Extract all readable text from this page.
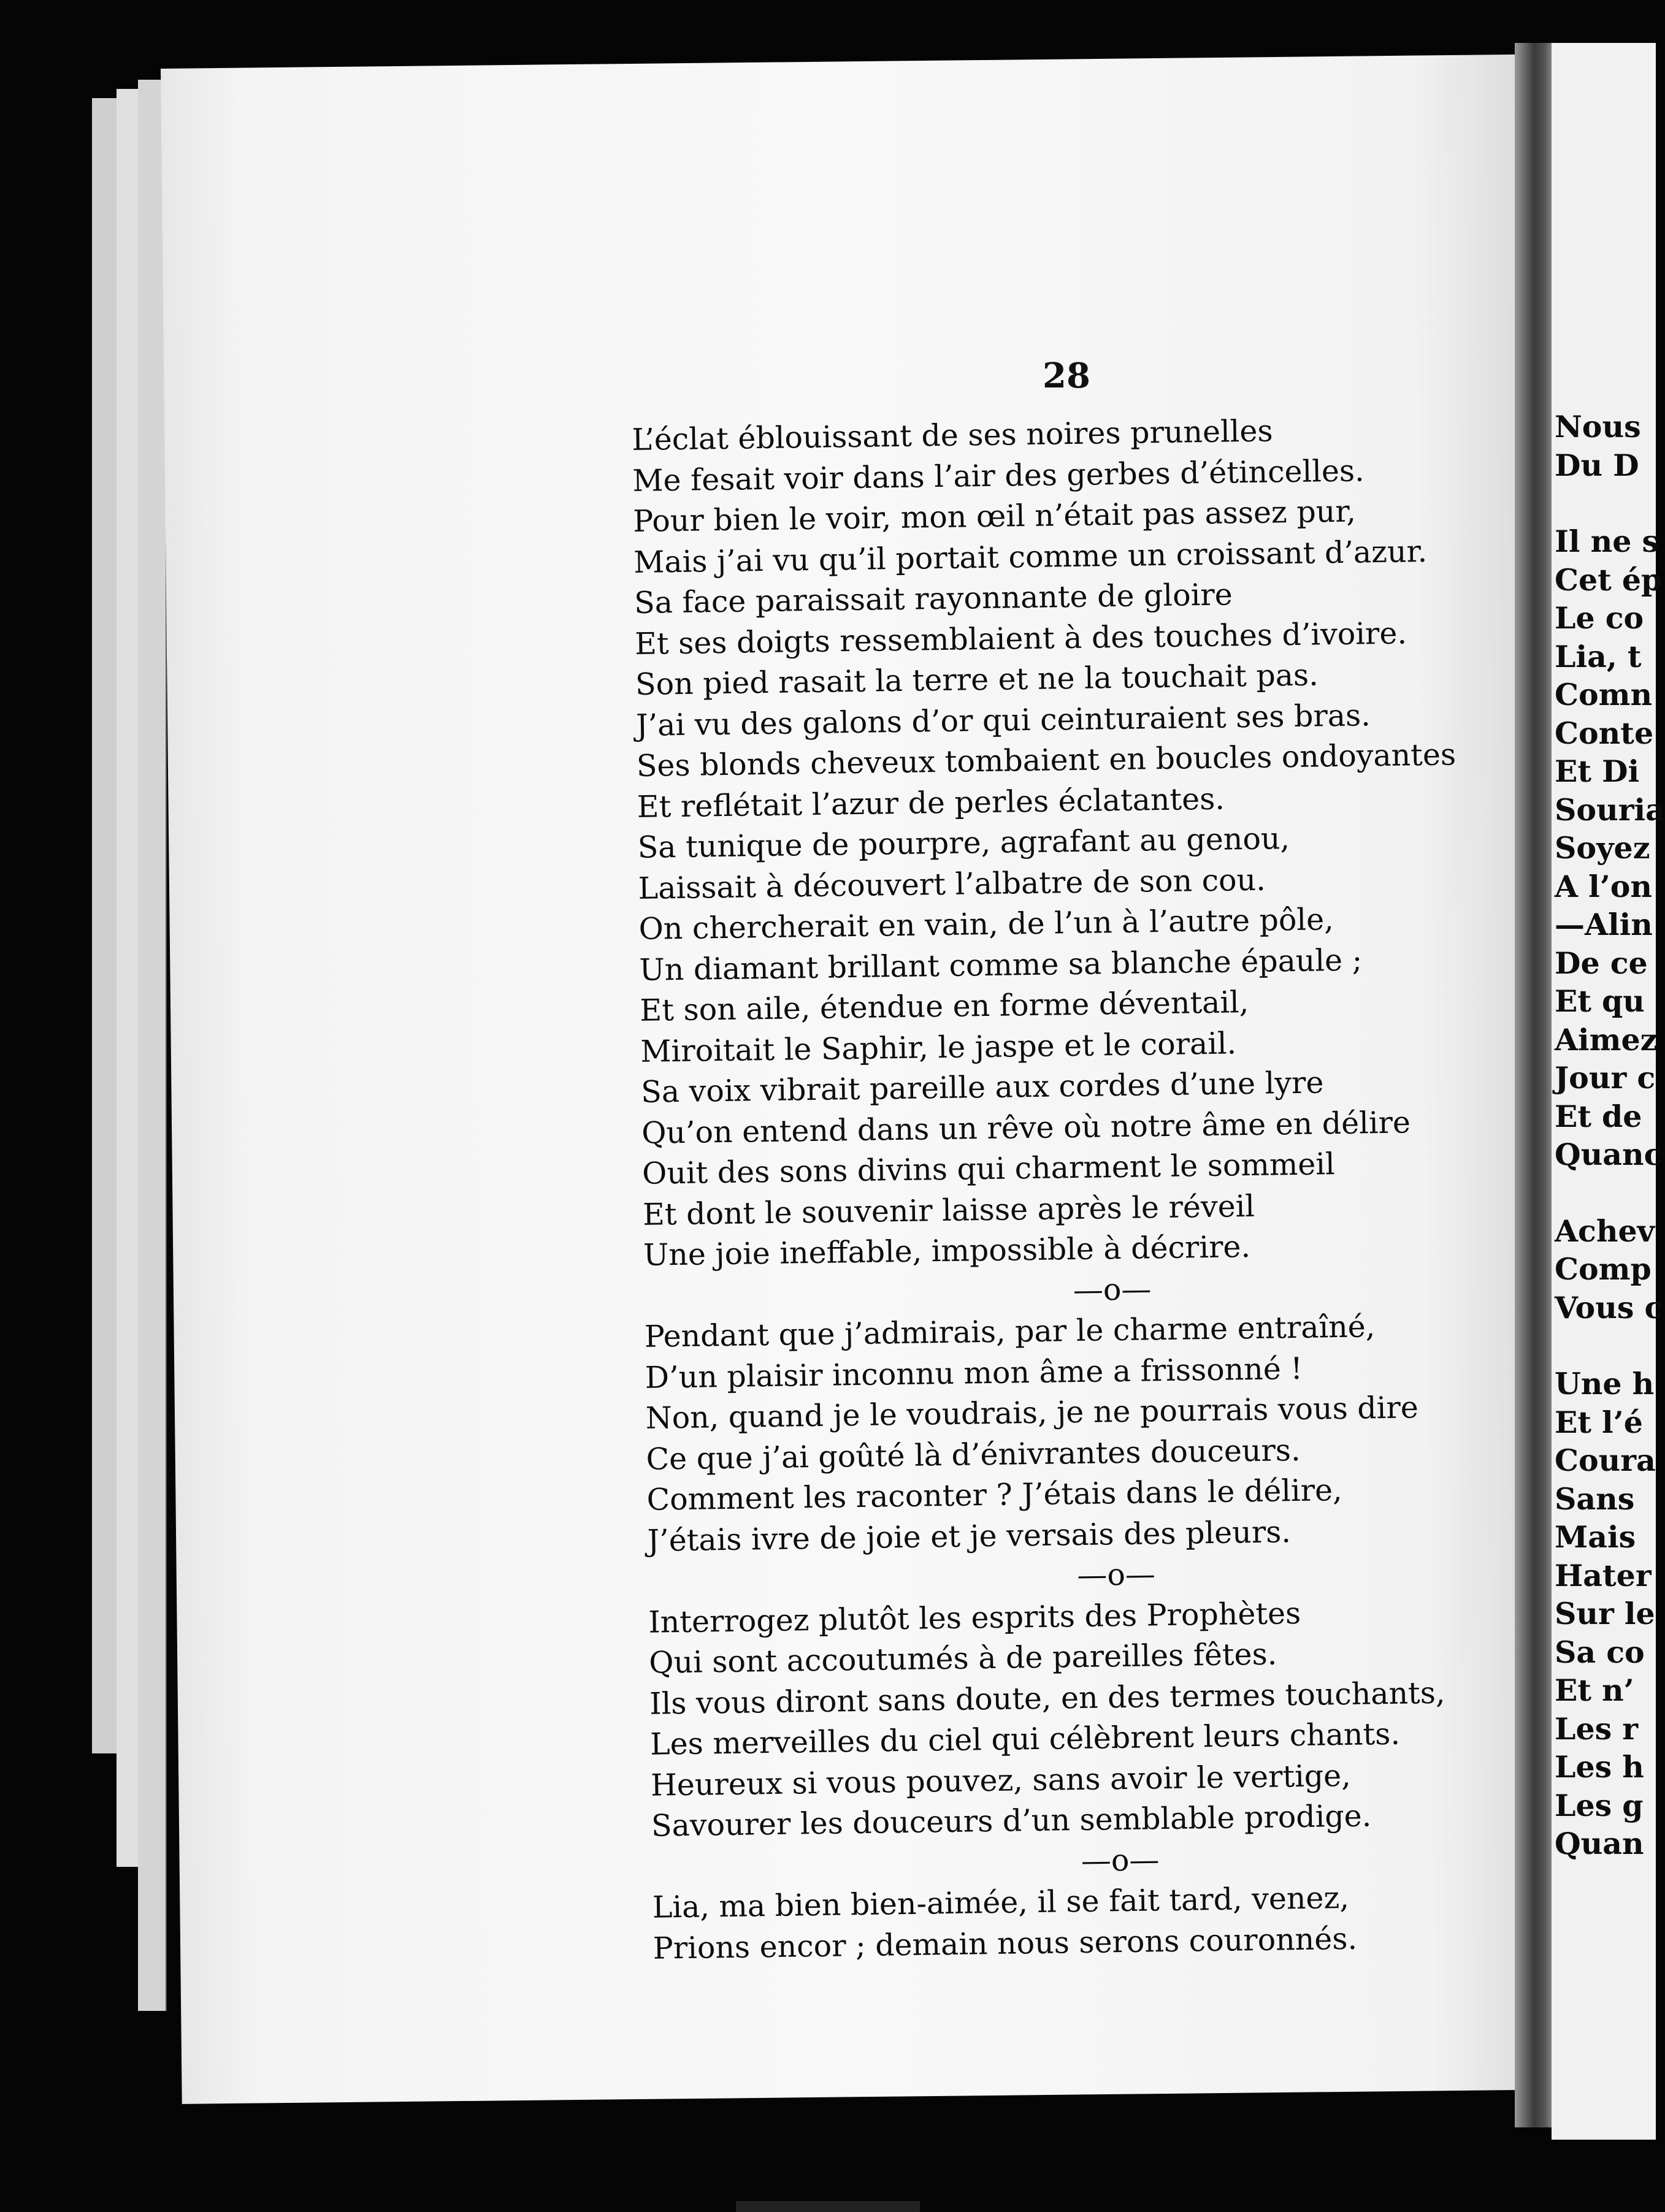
28
L’éclat éblouissant de ses noires prunelles
Me fesait voir dans l’air des gerbes d’étincelles.
Pour bien le voir, mon œil n’était pas assez pur,
Mais j’ai vu qu’il portait comme un croissant d’azur.
Sa face paraissait rayonnante de gloire
Et ses doigts ressemblaient à des touches d’ivoire.
Son pied rasait la terre et ne la touchait pas.
J’ai vu des galons d’or qui ceinturaient ses bras.
Ses blonds cheveux tombaient en boucles ondoyantes
Et reflétait l’azur de perles éclatantes.
Sa tunique de pourpre, agrafant au genou,
Laissait à découvert l’albatre de son cou.
On chercherait en vain, de l’un à l’autre pôle,
Un diamant brillant comme sa blanche épaule ;
Et son aile, étendue en forme déventail,
Miroitait le Saphir, le jaspe et le corail.
Sa voix vibrait pareille aux cordes d’une lyre
Qu’on entend dans un rêve où notre âme en délire
Ouit des sons divins qui charment le sommeil
Et dont le souvenir laisse après le réveil
Une joie ineffable, impossible à décrire.
—o—
Pendant que j’admirais, par le charme entraîné,
D’un plaisir inconnu mon âme a frissonné !
Non, quand je le voudrais, je ne pourrais vous dire
Ce que j’ai goûté là d’énivrantes douceurs.
Comment les raconter ? J’étais dans le délire,
J’étais ivre de joie et je versais des pleurs.
—o—
Interrogez plutôt les esprits des Prophètes
Qui sont accoutumés à de pareilles fêtes.
Ils vous diront sans doute, en des termes touchants,
Les merveilles du ciel qui célèbrent leurs chants.
Heureux si vous pouvez, sans avoir le vertige,
Savourer les douceurs d’un semblable prodige.
—o—
Lia, ma bien bien-aimée, il se fait tard, venez,
Prions encor ; demain nous serons couronnés.
Nous
Du D
Il ne s
Cet ép
Le co
Lia, t
Comn
Conte
Et Di
Souria
Soyez
A l’on
—Alin
De ce
Et qu
Aimez
Jour c
Et de
Quanc
Achev
Comp
Vous c
Une h
Et l’é
Coura
Sans
Mais
Hater
Sur le
Sa co
Et n’
Les r
Les h
Les g
Quan
